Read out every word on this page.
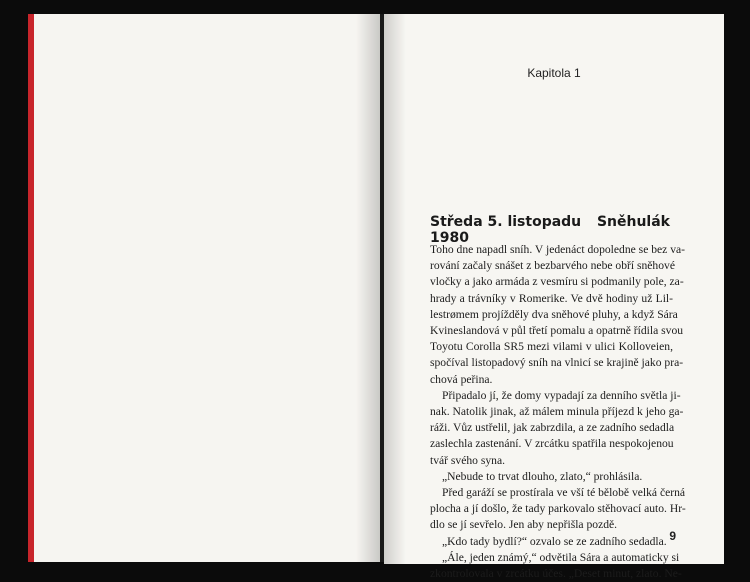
Kapitola 1
Středa 5. listopadu 1980
Sněhulák
Toho dne napadl sníh. V jedenáct dopoledne se bez va-
rování začaly snášet z bezbarvého nebe obří sněhové
vločky a jako armáda z vesmíru si podmanily pole, za-
hrady a trávníky v Romerike. Ve dvě hodiny už Lil-
lestrømem projížděly dva sněhové pluhy, a když Sára
Kvineslandová v půl třetí pomalu a opatrně řídila svou
Toyotu Corolla SR5 mezi vilami v ulici Kolloveien,
spočíval listopadový sníh na vlnicí se krajině jako pra-
chová peřina.
Připadalo jí, že domy vypadají za denního světla ji-
nak. Natolik jinak, až málem minula příjezd k jeho ga-
ráži. Vůz ustřelil, jak zabrzdila, a ze zadního sedadla
zaslechla zastenání. V zrcátku spatřila nespokojenou
tvář svého syna.
„Nebude to trvat dlouho, zlato,“ prohlásila.
Před garáží se prostírala ve vší té bělobě velká černá
plocha a jí došlo, že tady parkovalo stěhovací auto. Hr-
dlo se jí sevřelo. Jen aby nepřišla pozdě.
„Kdo tady bydlí?“ ozvalo se ze zadního sedadla.
„Ále, jeden známý,“ odvětila Sára a automaticky si
zkontrolovala v zrcátku účes. „Deset minut, zlato. Ne-
9
